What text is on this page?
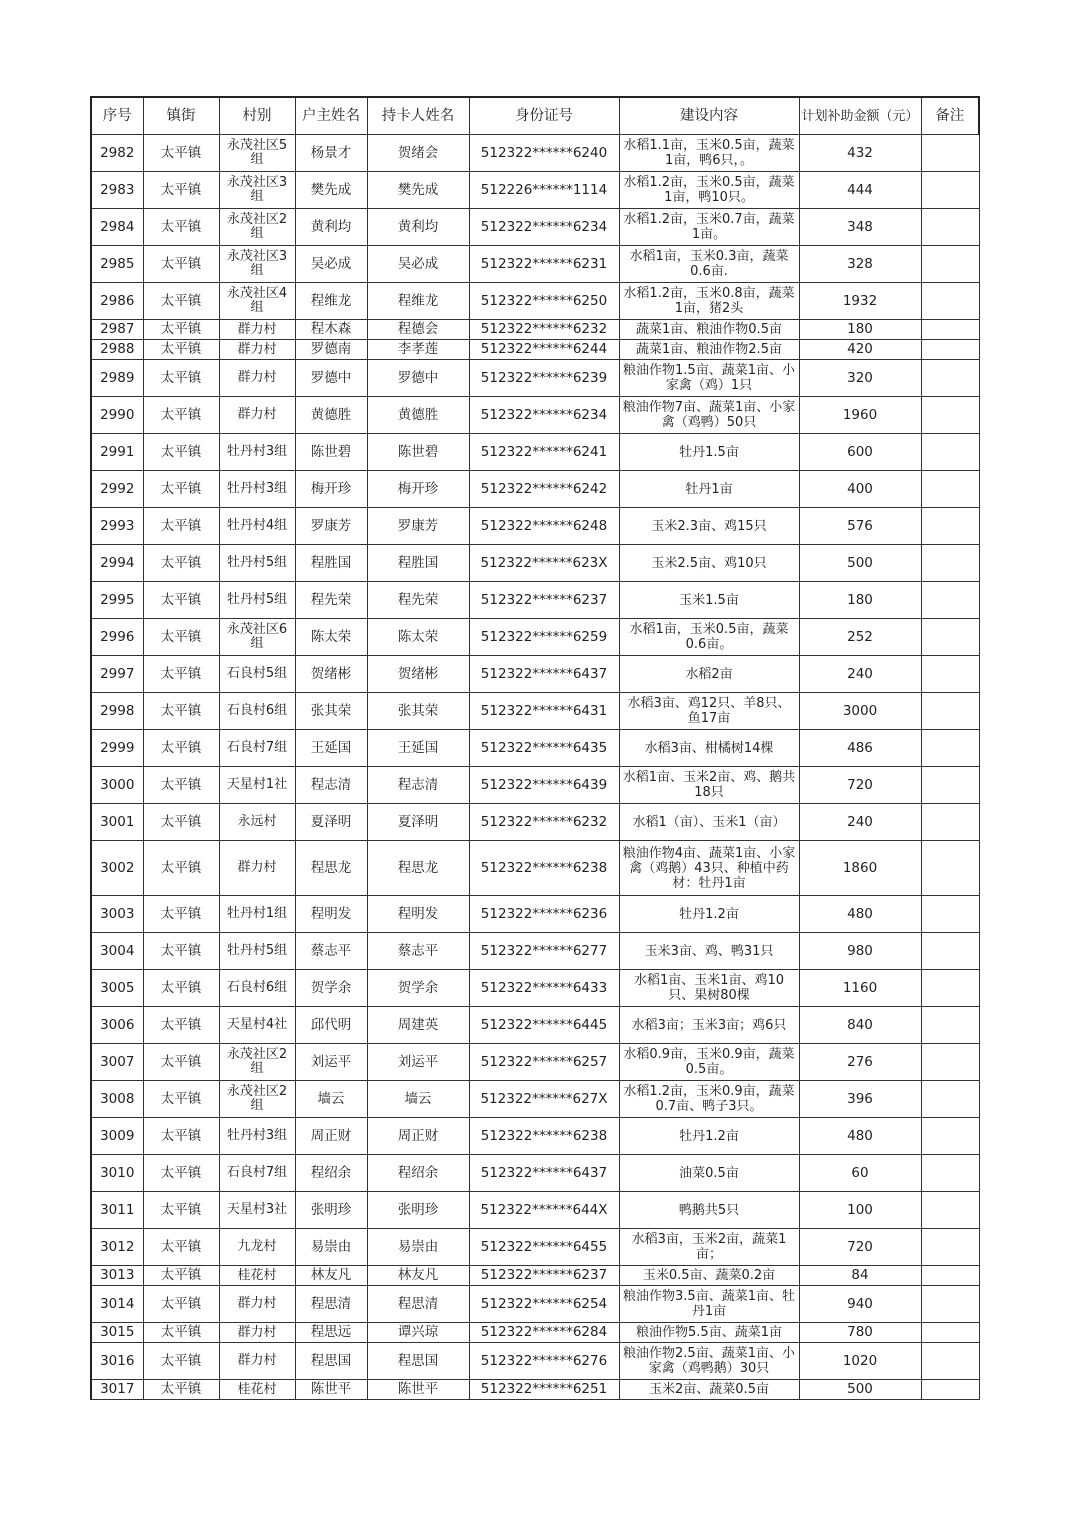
序号	镇街	村别	户主姓名	持卡人姓名	身份证号	建设内容	计划补助金额（元）	备注
2982	太平镇	永茂社区5组	杨景才	贺绪会	512322******6240	水稻1.1亩，玉米0.5亩，蔬菜1亩，鸭6只，。	432	
2983	太平镇	永茂社区3组	樊先成	樊先成	512226******1114	水稻1.2亩，玉米0.5亩，蔬菜1亩，鸭10只。	444	
2984	太平镇	永茂社区2组	黄利均	黄利均	512322******6234	水稻1.2亩，玉米0.7亩，蔬菜1亩。	348	
2985	太平镇	永茂社区3组	吴必成	吴必成	512322******6231	水稻1亩，玉米0.3亩，蔬菜0.6亩.	328	
2986	太平镇	永茂社区4组	程维龙	程维龙	512322******6250	水稻1.2亩，玉米0.8亩，蔬菜1亩，猪2头	1932	
2987	太平镇	群力村	程木森	程德会	512322******6232	蔬菜1亩、粮油作物0.5亩	180	
2988	太平镇	群力村	罗德南	李孝莲	512322******6244	蔬菜1亩、粮油作物2.5亩	420	
2989	太平镇	群力村	罗德中	罗德中	512322******6239	粮油作物1.5亩、蔬菜1亩、小家禽（鸡）1只	320	
2990	太平镇	群力村	黄德胜	黄德胜	512322******6234	粮油作物7亩、蔬菜1亩、小家禽（鸡鸭）50只	1960	
2991	太平镇	牡丹村3组	陈世碧	陈世碧	512322******6241	牡丹1.5亩	600	
2992	太平镇	牡丹村3组	梅开珍	梅开珍	512322******6242	牡丹1亩	400	
2993	太平镇	牡丹村4组	罗康芳	罗康芳	512322******6248	玉米2.3亩、鸡15只	576	
2994	太平镇	牡丹村5组	程胜国	程胜国	512322******623X	玉米2.5亩、鸡10只	500	
2995	太平镇	牡丹村5组	程先荣	程先荣	512322******6237	玉米1.5亩	180	
2996	太平镇	永茂社区6组	陈太荣	陈太荣	512322******6259	水稻1亩，玉米0.5亩，蔬菜0.6亩。	252	
2997	太平镇	石良村5组	贺绪彬	贺绪彬	512322******6437	水稻2亩	240	
2998	太平镇	石良村6组	张其荣	张其荣	512322******6431	水稻3亩、鸡12只、羊8只、鱼17亩	3000	
2999	太平镇	石良村7组	王延国	王延国	512322******6435	水稻3亩、柑橘树14棵	486	
3000	太平镇	天星村1社	程志清	程志清	512322******6439	水稻1亩、玉米2亩、鸡、鹅共18只	720	
3001	太平镇	永远村	夏泽明	夏泽明	512322******6232	水稻1（亩）、玉米1（亩）	240	
3002	太平镇	群力村	程思龙	程思龙	512322******6238	粮油作物4亩、蔬菜1亩、小家禽（鸡鹅）43只、种植中药材：牡丹1亩	1860	
3003	太平镇	牡丹村1组	程明发	程明发	512322******6236	牡丹1.2亩	480	
3004	太平镇	牡丹村5组	蔡志平	蔡志平	512322******6277	玉米3亩、鸡、鸭31只	980	
3005	太平镇	石良村6组	贺学余	贺学余	512322******6433	水稻1亩、玉米1亩、鸡10只、果树80棵	1160	
3006	太平镇	天星村4社	邱代明	周建英	512322******6445	水稻3亩；玉米3亩；鸡6只	840	
3007	太平镇	永茂社区2组	刘运平	刘运平	512322******6257	水稻0.9亩，玉米0.9亩，蔬菜0.5亩。	276	
3008	太平镇	永茂社区2组	墙云	墙云	512322******627X	水稻1.2亩，玉米0.9亩，蔬菜0.7亩、鸭子3只。	396	
3009	太平镇	牡丹村3组	周正财	周正财	512322******6238	牡丹1.2亩	480	
3010	太平镇	石良村7组	程绍余	程绍余	512322******6437	油菜0.5亩	60	
3011	太平镇	天星村3社	张明珍	张明珍	512322******644X	鸭鹅共5只	100	
3012	太平镇	九龙村	易崇由	易崇由	512322******6455	水稻3亩，玉米2亩，蔬菜1亩；	720	
3013	太平镇	桂花村	林友凡	林友凡	512322******6237	玉米0.5亩、蔬菜0.2亩	84	
3014	太平镇	群力村	程思清	程思清	512322******6254	粮油作物3.5亩、蔬菜1亩、牡丹1亩	940	
3015	太平镇	群力村	程思远	谭兴琼	512322******6284	粮油作物5.5亩、蔬菜1亩	780	
3016	太平镇	群力村	程思国	程思国	512322******6276	粮油作物2.5亩、蔬菜1亩、小家禽（鸡鸭鹅）30只	1020	
3017	太平镇	桂花村	陈世平	陈世平	512322******6251	玉米2亩、蔬菜0.5亩	500	
